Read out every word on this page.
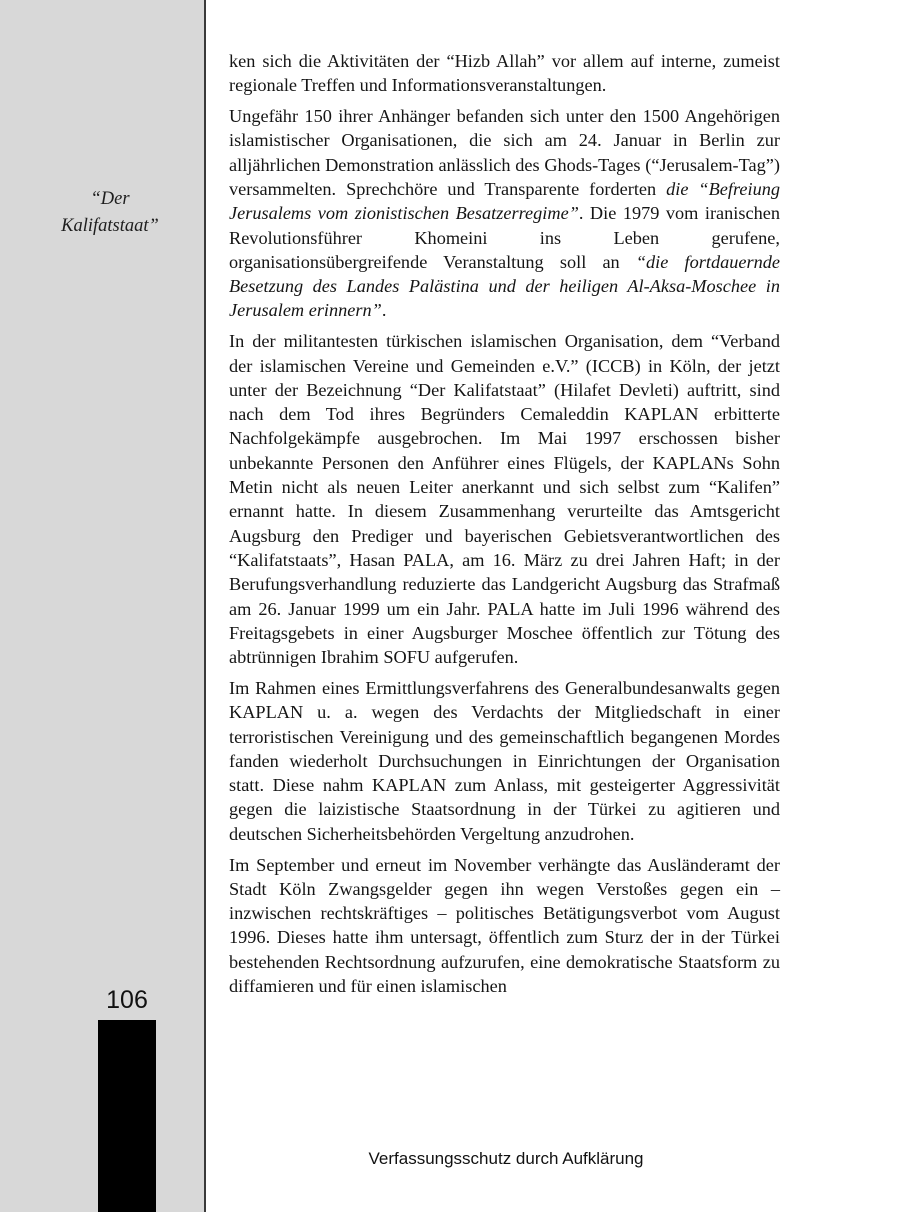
“Der
Kalifatstaat”
106

ken sich die Aktivitäten der “Hizb Allah” vor allem auf interne, zumeist regionale Treffen und Informationsveranstaltungen.

Ungefähr 150 ihrer Anhänger befanden sich unter den 1500 Angehörigen islamistischer Organisationen, die sich am 24. Januar in Berlin zur alljährlichen Demonstration anlässlich des Ghods-Tages (“Jerusalem-Tag”) versammelten. Sprechchöre und Transparente forderten die “Befreiung Jerusalems vom zionistischen Besatzerregime”. Die 1979 vom iranischen Revolutionsführer Khomeini ins Leben gerufene, organisationsübergreifende Veranstaltung soll an “die fortdauernde Besetzung des Landes Palästina und der heiligen Al-Aksa-Moschee in Jerusalem erinnern”.

In der militantesten türkischen islamischen Organisation, dem “Verband der islamischen Vereine und Gemeinden e.V.” (ICCB) in Köln, der jetzt unter der Bezeichnung “Der Kalifatstaat” (Hilafet Devleti) auftritt, sind nach dem Tod ihres Begründers Cemaleddin KAPLAN erbitterte Nachfolgekämpfe ausgebrochen. Im Mai 1997 erschossen bisher unbekannte Personen den Anführer eines Flügels, der KAPLANs Sohn Metin nicht als neuen Leiter anerkannt und sich selbst zum “Kalifen” ernannt hatte. In diesem Zusammenhang verurteilte das Amtsgericht Augsburg den Prediger und bayerischen Gebietsverantwortlichen des “Kalifatstaats”, Hasan PALA, am 16. März zu drei Jahren Haft; in der Berufungsverhandlung reduzierte das Landgericht Augsburg das Strafmaß am 26. Januar 1999 um ein Jahr. PALA hatte im Juli 1996 während des Freitagsgebets in einer Augsburger Moschee öffentlich zur Tötung des abtrünnigen Ibrahim SOFU aufgerufen.

Im Rahmen eines Ermittlungsverfahrens des Generalbundesanwalts gegen KAPLAN u. a. wegen des Verdachts der Mitgliedschaft in einer terroristischen Vereinigung und des gemeinschaftlich begangenen Mordes fanden wiederholt Durchsuchungen in Einrichtungen der Organisation statt. Diese nahm KAPLAN zum Anlass, mit gesteigerter Aggressivität gegen die laizistische Staatsordnung in der Türkei zu agitieren und deutschen Sicherheitsbehörden Vergeltung anzudrohen.

Im September und erneut im November verhängte das Ausländeramt der Stadt Köln Zwangsgelder gegen ihn wegen Verstoßes gegen ein – inzwischen rechtskräftiges – politisches Betätigungsverbot vom August 1996. Dieses hatte ihm untersagt, öffentlich zum Sturz der in der Türkei bestehenden Rechtsordnung aufzurufen, eine demokratische Staatsform zu diffamieren und für einen islamischen

Verfassungsschutz durch Aufklärung
